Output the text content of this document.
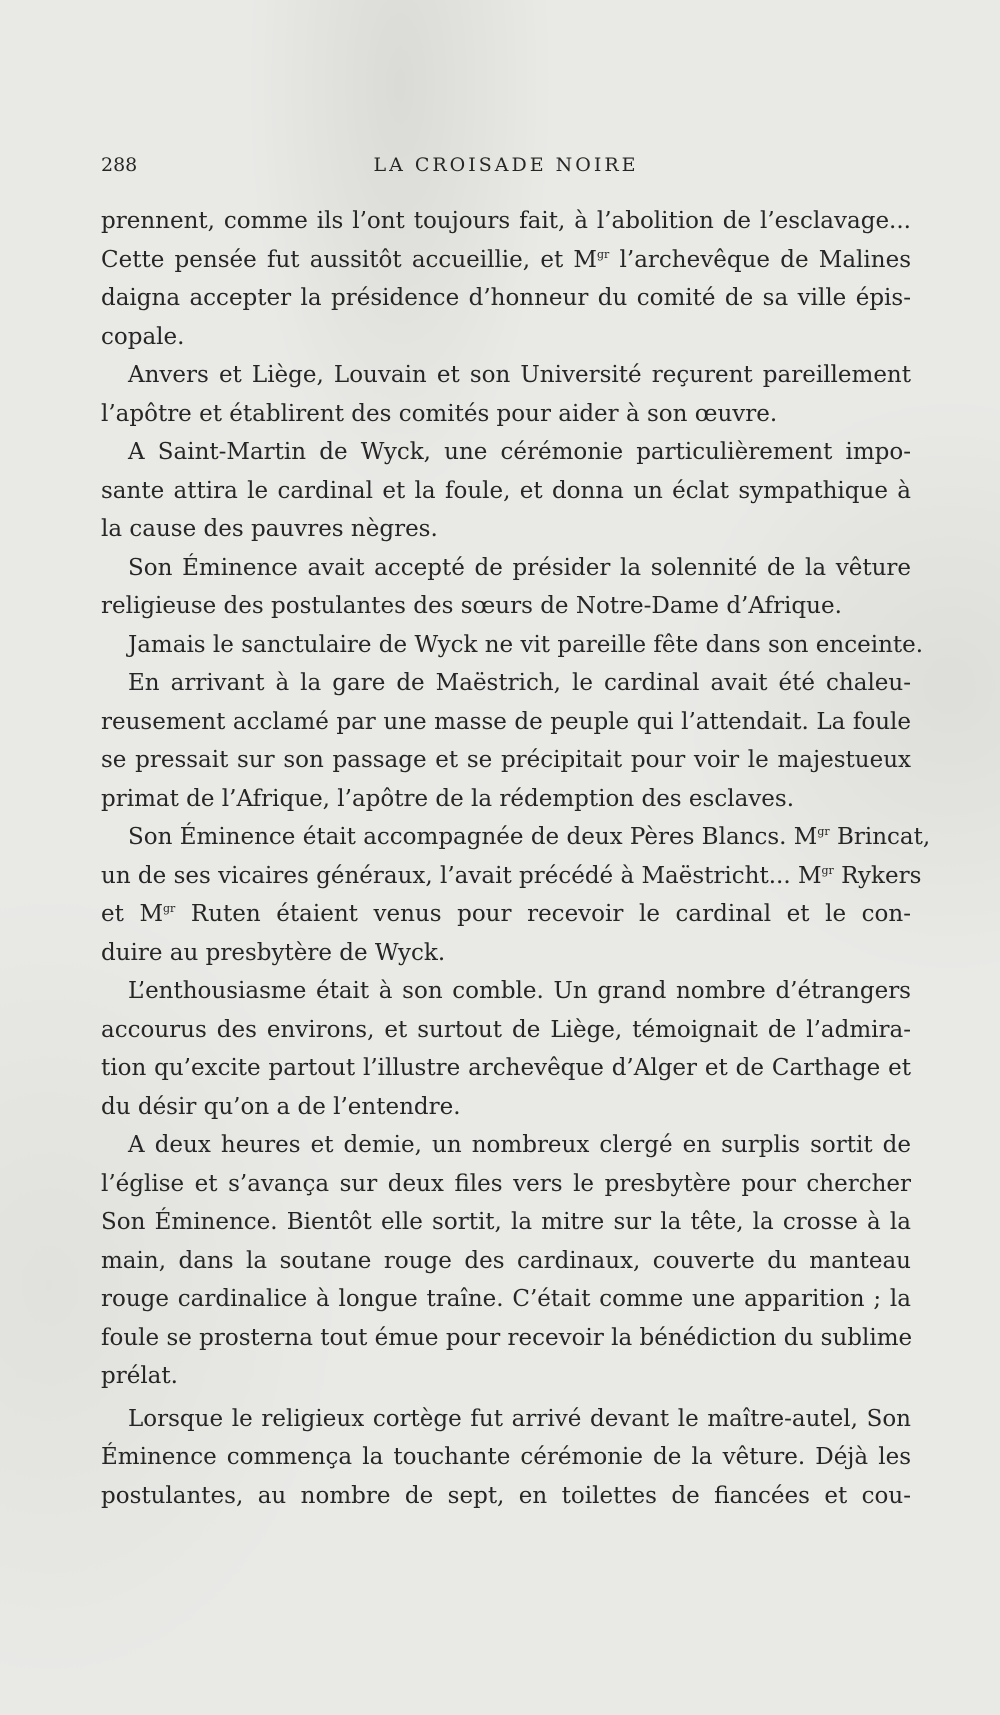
288	LA CROISADE NOIRE
prennent, comme ils l’ont toujours fait, à l’abolition de l’esclavage...
Cette pensée fut aussitôt accueillie, et $M^{gr}$ l’archevêque de Malines
daigna accepter la présidence d’honneur du comité de sa ville épis-
copale.
Anvers et Liège, Louvain et son Université reçurent pareillement
l’apôtre et établirent des comités pour aider à son œuvre.
A Saint-Martin de Wyck, une cérémonie particulièrement impo-
sante attira le cardinal et la foule, et donna un éclat sympathique à
la cause des pauvres nègres.
Son Éminence avait accepté de présider la solennité de la vêture
religieuse des postulantes des sœurs de Notre-Dame d’Afrique.
Jamais le sanctulaire de Wyck ne vit pareille fête dans son enceinte.
En arrivant à la gare de Maëstrich, le cardinal avait été chaleu-
reusement acclamé par une masse de peuple qui l’attendait. La foule
se pressait sur son passage et se précipitait pour voir le majestueux
primat de l’Afrique, l’apôtre de la rédemption des esclaves.
Son Éminence était accompagnée de deux Pères Blancs. $M^{gr}$ Brincat,
un de ses vicaires généraux, l’avait précédé à Maëstricht... $M^{gr}$ Rykers
et $M^{gr}$ Ruten étaient venus pour recevoir le cardinal et le con-
duire au presbytère de Wyck.
L’enthousiasme était à son comble. Un grand nombre d’étrangers
accourus des environs, et surtout de Liège, témoignait de l’admira-
tion qu’excite partout l’illustre archevêque d’Alger et de Carthage et
du désir qu’on a de l’entendre.
A deux heures et demie, un nombreux clergé en surplis sortit de
l’église et s’avança sur deux files vers le presbytère pour chercher
Son Éminence. Bientôt elle sortit, la mitre sur la tête, la crosse à la
main, dans la soutane rouge des cardinaux, couverte du manteau
rouge cardinalice à longue traîne. C’était comme une apparition ; la
foule se prosterna tout émue pour recevoir la bénédiction du sublime
prélat.
Lorsque le religieux cortège fut arrivé devant le maître-autel, Son
Éminence commença la touchante cérémonie de la vêture. Déjà les
postulantes, au nombre de sept, en toilettes de fiancées et cou-
